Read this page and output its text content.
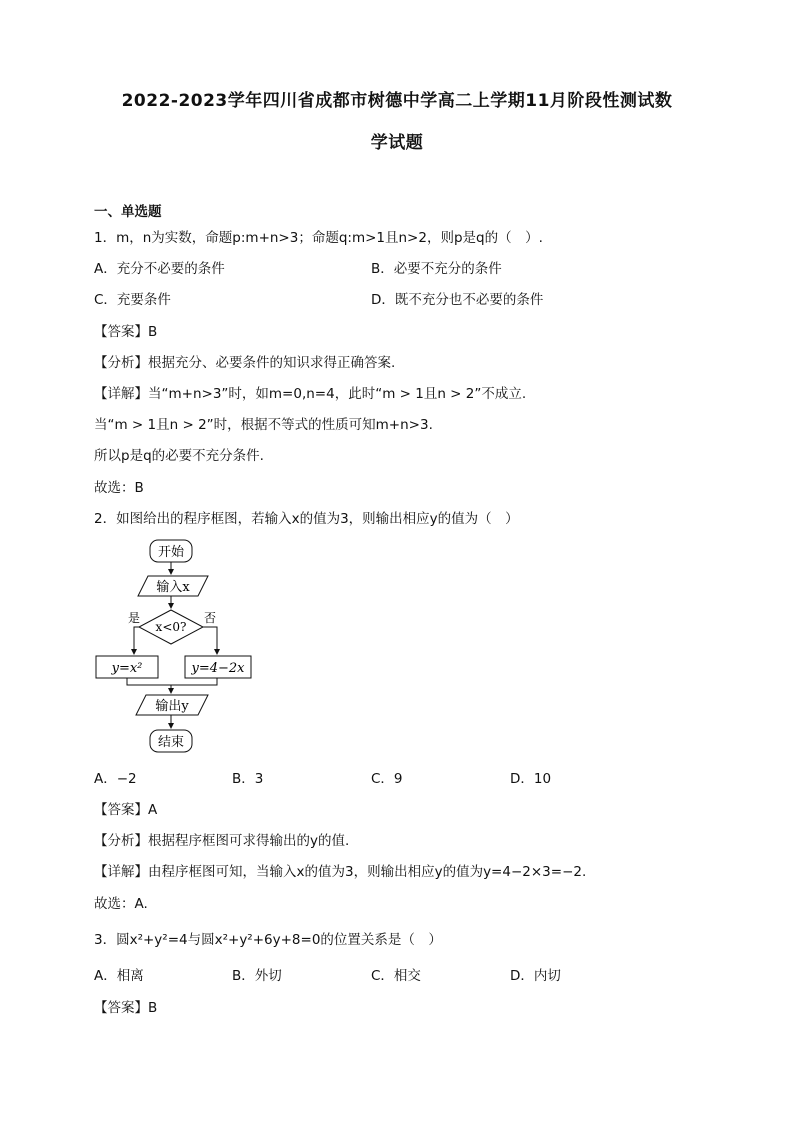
2022-2023学年四川省成都市树德中学高二上学期11月阶段性测试数
学试题
一、单选题
1．m，n为实数，命题p:m+n>3；命题q:m>1且n>2，则p是q的（　）.
A．充分不必要的条件	B．必要不充分的条件
C．充要条件	D．既不充分也不必要的条件
【答案】B
【分析】根据充分、必要条件的知识求得正确答案.
【详解】当“m+n>3”时，如m=0,n=4，此时“m > 1且n > 2”不成立.
当“m > 1且n > 2”时，根据不等式的性质可知m+n>3.
所以p是q的必要不充分条件.
故选：B
2．如图给出的程序框图，若输入x的值为3，则输出相应y的值为（　）
开始
输入x
x<0?
是	否
y=x²	y=4−2x
输出y
结束
A．−2	B．3	C．9	D．10
【答案】A
【分析】根据程序框图可求得输出的y的值.
【详解】由程序框图可知，当输入x的值为3，则输出相应y的值为y=4−2×3=−2.
故选：A.
3．圆x²+y²=4与圆x²+y²+6y+8=0的位置关系是（　）
A．相离	B．外切	C．相交	D．内切
【答案】B
